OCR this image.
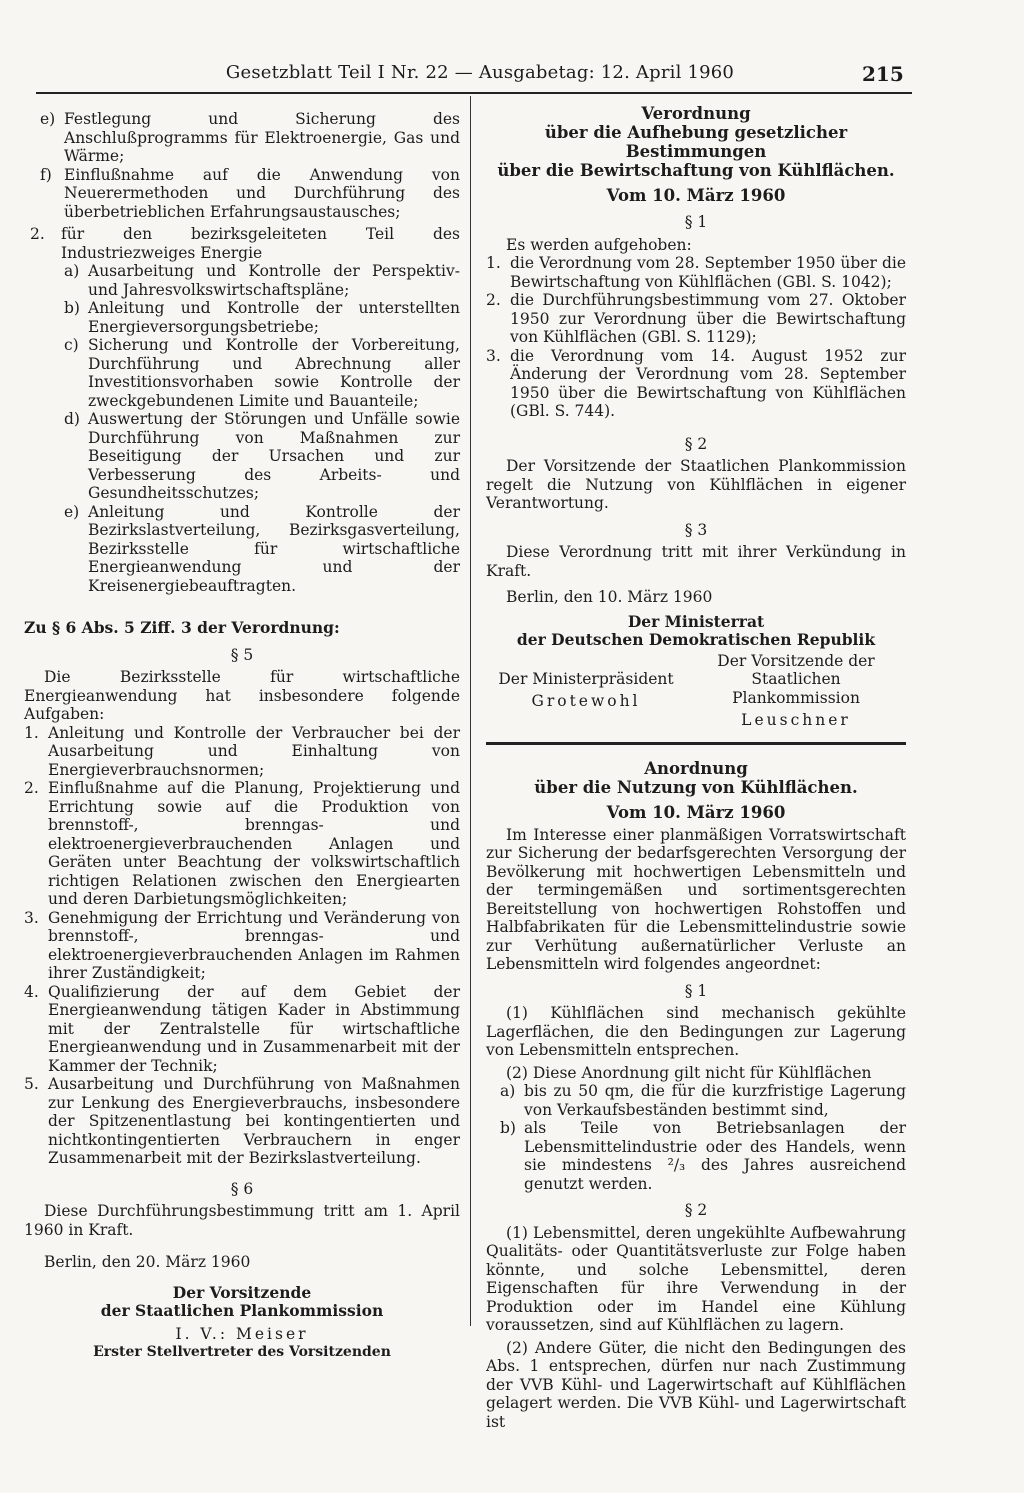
Gesetzblatt Teil I Nr. 22 — Ausgabetag: 12. April 1960	215
e) Festlegung und Sicherung des Anschlußprogramms für Elektroenergie, Gas und Wärme;
f) Einflußnahme auf die Anwendung von Neuerermethoden und Durchführung des überbetrieblichen Erfahrungsaustausches;
2.	für den bezirksgeleiteten Teil des Industriezweiges Energie
a) Ausarbeitung und Kontrolle der Perspektiv- und Jahresvolkswirtschaftspläne;
b) Anleitung und Kontrolle der unterstellten Energieversorgungsbetriebe;
c) Sicherung und Kontrolle der Vorbereitung, Durchführung und Abrechnung aller Investitionsvorhaben sowie Kontrolle der zweckgebundenen Limite und Bauanteile;
d) Auswertung der Störungen und Unfälle sowie Durchführung von Maßnahmen zur Beseitigung der Ursachen und zur Verbesserung des Arbeits- und Gesundheitsschutzes;
e) Anleitung und Kontrolle der Bezirkslastverteilung, Bezirksgasverteilung, Bezirksstelle für wirtschaftliche Energieanwendung und der Kreisenergiebeauftragten.

Zu § 6 Abs. 5 Ziff. 3 der Verordnung:

§ 5

Die Bezirksstelle für wirtschaftliche Energieanwendung hat insbesondere folgende Aufgaben:

1. Anleitung und Kontrolle der Verbraucher bei der Ausarbeitung und Einhaltung von Energieverbrauchsnormen;
2. Einflußnahme auf die Planung, Projektierung und Errichtung sowie auf die Produktion von brennstoff-, brenngas- und elektroenergieverbrauchenden Anlagen und Geräten unter Beachtung der volkswirtschaftlich richtigen Relationen zwischen den Energiearten und deren Darbietungsmöglichkeiten;
3. Genehmigung der Errichtung und Veränderung von brennstoff-, brenngas- und elektroenergieverbrauchenden Anlagen im Rahmen ihrer Zuständigkeit;
4. Qualifizierung der auf dem Gebiet der Energieanwendung tätigen Kader in Abstimmung mit der Zentralstelle für wirtschaftliche Energieanwendung und in Zusammenarbeit mit der Kammer der Technik;
5. Ausarbeitung und Durchführung von Maßnahmen zur Lenkung des Energieverbrauchs, insbesondere der Spitzenentlastung bei kontingentierten und nichtkontingentierten Verbrauchern in enger Zusammenarbeit mit der Bezirkslastverteilung.

§ 6

Diese Durchführungsbestimmung tritt am 1. April 1960 in Kraft.

Berlin, den 20. März 1960

Der Vorsitzende

der Staatlichen Plankommission

I. V.: Meiser

Erster Stellvertreter des Vorsitzenden

Verordnung

über die Aufhebung gesetzlicher Bestimmungen

über die Bewirtschaftung von Kühlflächen.

Vom 10. März 1960

§ 1

Es werden aufgehoben:

1. die Verordnung vom 28. September 1950 über die Bewirtschaftung von Kühlflächen (GBl. S. 1042);
2. die Durchführungsbestimmung vom 27. Oktober 1950 zur Verordnung über die Bewirtschaftung von Kühlflächen (GBl. S. 1129);
3. die Verordnung vom 14. August 1952 zur Änderung der Verordnung vom 28. September 1950 über die Bewirtschaftung von Kühlflächen (GBl. S. 744).

§ 2

Der Vorsitzende der Staatlichen Plankommission regelt die Nutzung von Kühlflächen in eigener Verantwortung.

§ 3

Diese Verordnung tritt mit ihrer Verkündung in Kraft.

Berlin, den 10. März 1960

Der Ministerrat

der Deutschen Demokratischen Republik

Der Ministerpräsident

Grotewohl

Der Vorsitzende der

Staatlichen Plankommission

Leuschner

Anordnung

über die Nutzung von Kühlflächen.

Vom 10. März 1960

Im Interesse einer planmäßigen Vorratswirtschaft zur Sicherung der bedarfsgerechten Versorgung der Bevölkerung mit hochwertigen Lebensmitteln und der termingemäßen und sortimentsgerechten Bereitstellung von hochwertigen Rohstoffen und Halbfabrikaten für die Lebensmittelindustrie sowie zur Verhütung außernatürlicher Verluste an Lebensmitteln wird folgendes angeordnet:

§ 1

(1) Kühlflächen sind mechanisch gekühlte Lagerflächen, die den Bedingungen zur Lagerung von Lebensmitteln entsprechen.

(2) Diese Anordnung gilt nicht für Kühlflächen

a) bis zu 50 qm, die für die kurzfristige Lagerung von Verkaufsbeständen bestimmt sind,
b) als Teile von Betriebsanlagen der Lebensmittelindustrie oder des Handels, wenn sie mindestens ²/₃ des Jahres ausreichend genutzt werden.

§ 2

(1) Lebensmittel, deren ungekühlte Aufbewahrung Qualitäts- oder Quantitätsverluste zur Folge haben könnte, und solche Lebensmittel, deren Eigenschaften für ihre Verwendung in der Produktion oder im Handel eine Kühlung voraussetzen, sind auf Kühlflächen zu lagern.

(2) Andere Güter, die nicht den Bedingungen des Abs. 1 entsprechen, dürfen nur nach Zustimmung der VVB Kühl- und Lagerwirtschaft auf Kühlflächen gelagert werden. Die VVB Kühl- und Lagerwirtschaft ist
